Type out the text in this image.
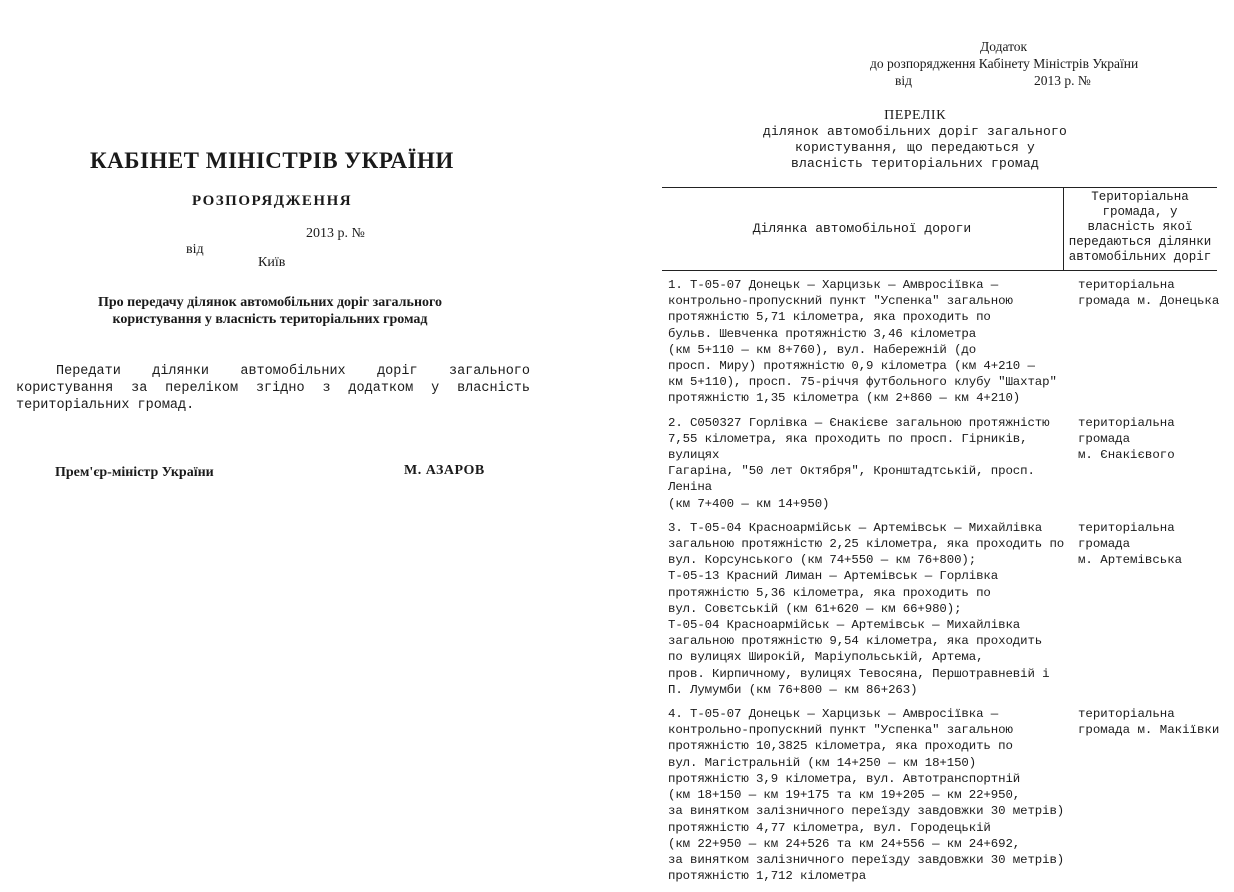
КАБІНЕТ МІНІСТРІВ УКРАЇНИ
РОЗПОРЯДЖЕННЯ

від

2013 р. №

Київ
Про передачу ділянок автомобільних доріг загального користування у власність територіальних громад
Передати ділянки автомобільних доріг загального користування за переліком згідно з додатком у власність територіальних громад.
Прем'єр-міністр України	М. АЗАРОВ
Додаток
до розпорядження Кабінету Міністрів України
від	2013 р. №
ПЕРЕЛІК
ділянок автомобільних доріг загального користування, що передаються у власність територіальних громад
Ділянка автомобільної дороги
Територіальна громада, у власність якої передаються ділянки автомобільних доріг
1. Т-05-07 Донецьк — Харцизьк — Амвросіївка —
контрольно-пропускний пункт "Успенка" загальною
протяжністю 5,71 кілометра, яка проходить по
бульв. Шевченка протяжністю 3,46 кілометра
(км 5+110 — км 8+760), вул. Набережній (до
просп. Миру) протяжністю 0,9 кілометра (км 4+210 —
км 5+110), просп. 75-річчя футбольного клубу "Шахтар"
протяжністю 1,35 кілометра (км 2+860 — км 4+210)
територіальна
громада м. Донецька
2. С050327 Горлівка — Єнакієве загальною протяжністю
7,55 кілометра, яка проходить по просп. Гірників, вулицях
Гагаріна, "50 лет Октября", Кронштадтській, просп. Леніна
(км 7+400 — км 14+950)
територіальна
громада
м. Єнакієвого
3. Т-05-04 Красноармійськ — Артемівськ — Михайлівка
загальною протяжністю 2,25 кілометра, яка проходить по
вул. Корсунського (км 74+550 — км 76+800);
Т-05-13 Красний Лиман — Артемівськ — Горлівка
протяжністю 5,36 кілометра, яка проходить по
вул. Совєтській (км 61+620 — км 66+980);
Т-05-04 Красноармійськ — Артемівськ — Михайлівка
загальною протяжністю 9,54 кілометра, яка проходить
по вулицях Широкій, Маріупольській, Артема,
пров. Кирпичному, вулицях Тевосяна, Першотравневій і
П. Лумумби (км 76+800 — км 86+263)
територіальна
громада
м. Артемівська
4. Т-05-07 Донецьк — Харцизьк — Амвросіївка —
контрольно-пропускний пункт "Успенка" загальною
протяжністю 10,3825 кілометра, яка проходить по
вул. Магістральній (км 14+250 — км 18+150)
протяжністю 3,9 кілометра, вул. Автотранспортній
(км 18+150 — км 19+175 та км 19+205 — км 22+950,
за винятком залізничного переїзду завдовжки 30 метрів)
протяжністю 4,77 кілометра, вул. Городецькій
(км 22+950 — км 24+526 та км 24+556 — км 24+692,
за винятком залізничного переїзду завдовжки 30 метрів)
протяжністю 1,712 кілометра
територіальна
громада м. Макіївки
